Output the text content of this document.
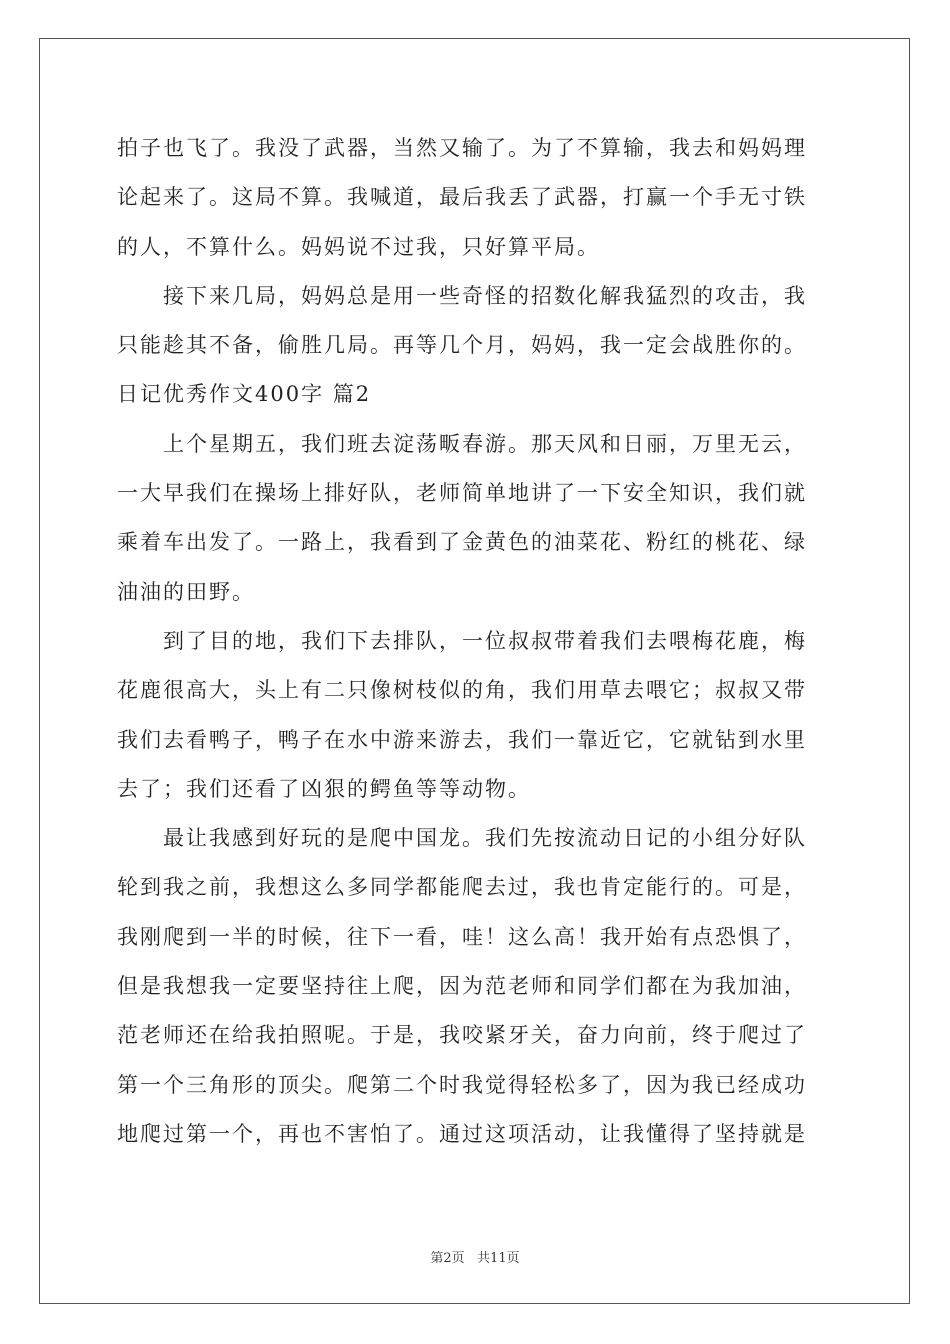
拍子也飞了。我没了武器，当然又输了。为了不算输，我去和妈妈理
论起来了。这局不算。我喊道，最后我丢了武器，打赢一个手无寸铁
的人，不算什么。妈妈说不过我，只好算平局。
接下来几局，妈妈总是用一些奇怪的招数化解我猛烈的攻击，我
只能趁其不备，偷胜几局。再等几个月，妈妈，我一定会战胜你的。
日记优秀作文400字 篇2
上个星期五，我们班去淀荡畈春游。那天风和日丽，万里无云，
一大早我们在操场上排好队，老师简单地讲了一下安全知识，我们就
乘着车出发了。一路上，我看到了金黄色的油菜花、粉红的桃花、绿
油油的田野。
到了目的地，我们下去排队，一位叔叔带着我们去喂梅花鹿，梅
花鹿很高大，头上有二只像树枝似的角，我们用草去喂它；叔叔又带
我们去看鸭子，鸭子在水中游来游去，我们一靠近它，它就钻到水里
去了；我们还看了凶狠的鳄鱼等等动物。
最让我感到好玩的是爬中国龙。我们先按流动日记的小组分好队
轮到我之前，我想这么多同学都能爬去过，我也肯定能行的。可是，
我刚爬到一半的时候，往下一看，哇！这么高！我开始有点恐惧了，
但是我想我一定要坚持往上爬，因为范老师和同学们都在为我加油，
范老师还在给我拍照呢。于是，我咬紧牙关，奋力向前，终于爬过了
第一个三角形的顶尖。爬第二个时我觉得轻松多了，因为我已经成功
地爬过第一个，再也不害怕了。通过这项活动，让我懂得了坚持就是
第2页   共11页
